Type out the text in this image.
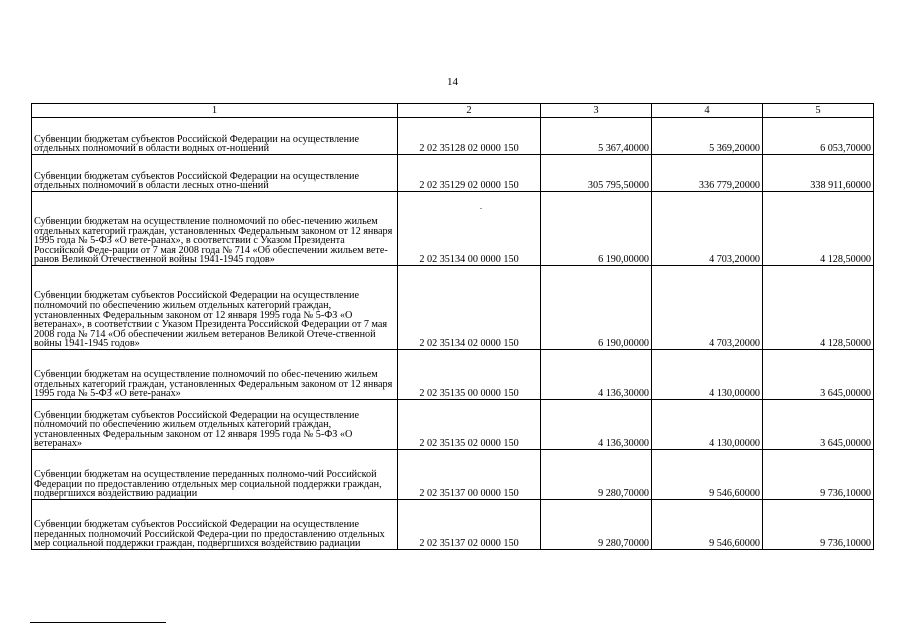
14
1	2	3	4	5
Субвенции бюджетам субъектов Российской Федерации на осуществление отдельных полномочий в области водных от-ношений	2 02 35128 02 0000 150	5 367,40000	5 369,20000	6 053,70000
Субвенции бюджетам субъектов Российской Федерации на осуществление отдельных полномочий в области лесных отно-шений	2 02 35129 02 0000 150	305 795,50000	336 779,20000	338 911,60000
Субвенции бюджетам на осуществление полномочий по обес-печению жильем отдельных категорий граждан, установленных Федеральным законом от 12 января 1995 года № 5-ФЗ «О вете-ранах», в соответствии с Указом Президента Российской Феде-рации от 7 мая 2008 года № 714 «Об обеспечении жильем вете-ранов Великой Отечественной войны 1941-1945 годов»	2 02 35134 00 0000 150	6 190,00000	4 703,20000	4 128,50000
Субвенции бюджетам субъектов Российской Федерации на осуществление полномочий по обеспечению жильем отдельных категорий граждан, установленных Федеральным законом от 12 января 1995 года № 5-ФЗ «О ветеранах», в соответствии с Указом Президента Российской Федерации от 7 мая 2008 года № 714 «Об обеспечении жильем ветеранов Великой Отече-ственной войны 1941-1945 годов»	2 02 35134 02 0000 150	6 190,00000	4 703,20000	4 128,50000
Субвенции бюджетам на осуществление полномочий по обес-печению жильем отдельных категорий граждан, установленных Федеральным законом от 12 января 1995 года № 5-ФЗ «О вете-ранах»	2 02 35135 00 0000 150	4 136,30000	4 130,00000	3 645,00000
Субвенции бюджетам субъектов Российской Федерации на осуществление полномочий по обеспечению жильем отдельных категорий граждан, установленных Федеральным законом от 12 января 1995 года № 5-ФЗ «О ветеранах»	2 02 35135 02 0000 150	4 136,30000	4 130,00000	3 645,00000
Субвенции бюджетам на осуществление переданных полномо-чий Российской Федерации по предоставлению отдельных мер социальной поддержки граждан, подвергшихся воздействию радиации	2 02 35137 00 0000 150	9 280,70000	9 546,60000	9 736,10000
Субвенции бюджетам субъектов Российской Федерации на осуществление переданных полномочий Российской Федера-ции по предоставлению отдельных мер социальной поддержки граждан, подвергшихся воздействию радиации	2 02 35137 02 0000 150	9 280,70000	9 546,60000	9 736,10000
